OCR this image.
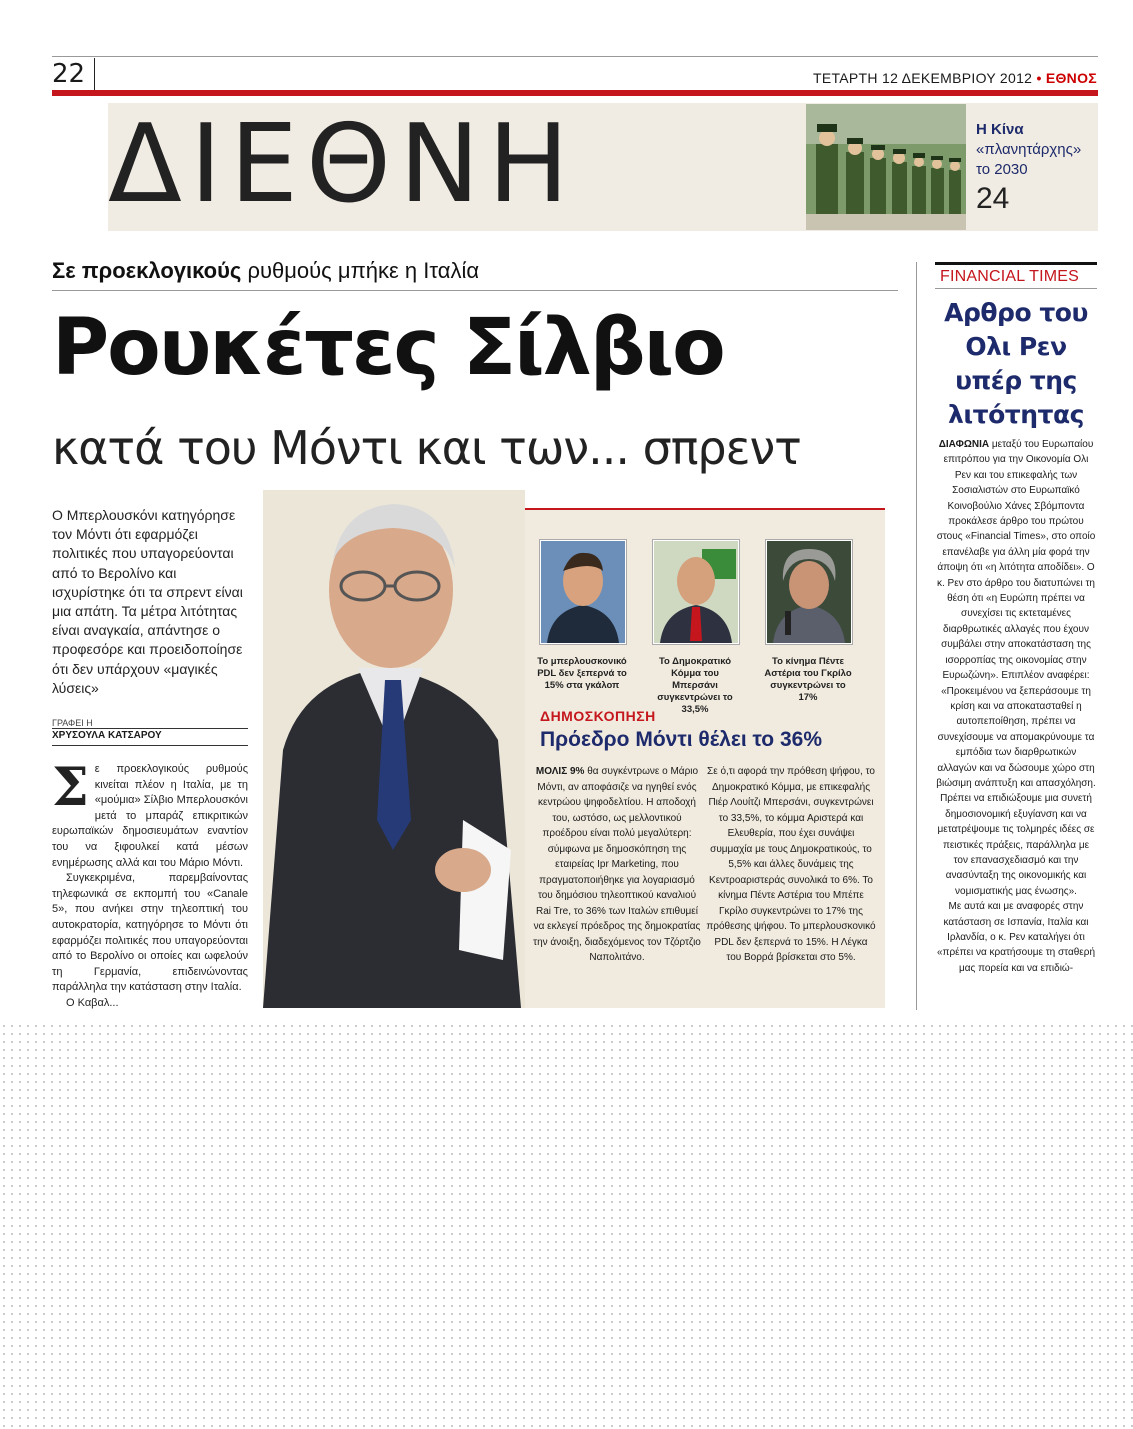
22	ΤΕΤΑΡΤΗ 12 ΔΕΚΕΜΒΡΙΟΥ 2012 • ΕΘΝΟΣ
ΔΙΕΘΝΗ	Η Κίνα
«πλανητάρχης»
το 2030
24
Σε προεκλογικούς ρυθμούς μπήκε η Ιταλία
Ρουκέτες Σίλβιο
κατά του Μόντι και των... σπρεντ
Ο Μπερλουσκόνι κατηγόρησε τον Μόντι ότι εφαρμόζει πολιτικές που υπαγορεύονται από το Βερολίνο και ισχυρίστηκε ότι τα σπρεντ είναι μια απάτη. Τα μέτρα λιτότητας είναι αναγκαία, απάντησε ο προφεσόρε και προειδοποίησε ότι δεν υπάρχουν «μαγικές λύσεις»
ΓΡΑΦΕΙ Η
ΧΡΥΣΟΥΛΑ ΚΑΤΣΑΡΟΥ

Σε προεκλογικούς ρυθμούς κινείται πλέον η Ιταλία, με τη «μούμια» Σίλβιο Μπερλουσκόνι μετά το μπαράζ επικριτικών ευρωπαϊκών δημοσιευμάτων εναντίον του να ξιφουλκεί κατά μέσων ενημέρωσης αλλά και του Μάριο Μόντι.

Συγκεκριμένα, παρεμβαίνοντας τηλεφωνικά σε εκπομπή του «Canale 5», που ανήκει στην τηλεοπτική του αυτοκρατορία, κατηγόρησε το Μόντι ότι εφαρμόζει πολιτικές που υπαγορεύονται από το Βερολίνο οι οποίες και ωφελούν τη Γερμανία, επιδεινώνοντας παράλληλα την κατάσταση στην Ιταλία.

Ο Καβαλ...

Το μπερλουσκονικό PDL δεν ξεπερνά το 15% στα γκάλοπ
Το Δημοκρατικό Κόμμα του Μπερσάνι συγκεντρώνει το 33,5%
Το κίνημα Πέντε Αστέρια του Γκρίλο συγκεντρώνει το 17%
ΔΗΜΟΣΚΟΠΗΣΗ
Πρόεδρο Μόντι θέλει το 36%
ΜΟΛΙΣ 9% θα συγκέντρωνε ο Μάριο Μόντι, αν αποφάσιζε να ηγηθεί ενός κεντρώου ψηφοδελτίου. Η αποδοχή του, ωστόσο, ως μελλοντικού προέδρου είναι πολύ μεγαλύτερη: σύμφωνα με δημοσκόπηση της εταιρείας Ipr Marketing, που πραγματοποιήθηκε για λογαριασμό του δημόσιου τηλεοπτικού καναλιού Rai Tre, το 36% των Ιταλών επιθυμεί να εκλεγεί πρόεδρος της δημοκρατίας την άνοιξη, διαδεχόμενος τον Τζόρτζιο Ναπολιτάνο.
Σε ό,τι αφορά την πρόθεση ψήφου, το Δημοκρατικό Κόμμα, με επικεφαλής Πιέρ Λουίτζι Μπερσάνι, συγκεντρώνει το 33,5%, το κόμμα Αριστερά και Ελευθερία, που έχει συνάψει συμμαχία με τους Δημοκρατικούς, το 5,5% και άλλες δυνάμεις της Κεντροαριστεράς συνολικά το 6%. Το κίνημα Πέντε Αστέρια του Μπέπε Γκρίλο συγκεντρώνει το 17% της πρόθεσης ψήφου. Το μπερλουσκονικό PDL δεν ξεπερνά το 15%. Η Λέγκα του Βορρά βρίσκεται στο 5%.
FINANCIAL TIMES
Αρθρο του Ολι Ρεν υπέρ της λιτότητας
ΔΙΑΦΩΝΙΑ μεταξύ του Ευρωπαίου επιτρόπου για την Οικονομία Ολι Ρεν και του επικεφαλής των Σοσιαλιστών στο Ευρωπαϊκό Κοινοβούλιο Χάνες Σβόμποντα προκάλεσε άρθρο του πρώτου στους «Financial Times», στο οποίο επανέλαβε για άλλη μία φορά την άποψη ότι «η λιτότητα αποδίδει». Ο κ. Ρεν στο άρθρο του διατυπώνει τη θέση ότι «η Ευρώπη πρέπει να συνεχίσει τις εκτεταμένες διαρθρωτικές αλλαγές που έχουν συμβάλει στην αποκατάσταση της ισορροπίας της οικονομίας στην Ευρωζώνη». Επιπλέον αναφέρει: «Προκειμένου να ξεπεράσουμε τη κρίση και να αποκατασταθεί η αυτοπεποίθηση, πρέπει να συνεχίσουμε να απομακρύνουμε τα εμπόδια των διαρθρωτικών αλλαγών και να δώσουμε χώρο στη βιώσιμη ανάπτυξη και απασχόληση. Πρέπει να επιδιώξουμε μια συνετή δημοσιονομική εξυγίανση και να μετατρέψουμε τις τολμηρές ιδέες σε πειστικές πράξεις, παράλληλα με τον επανασχεδιασμό και την ανασύνταξη της οικονομικής και νομισματικής μας ένωσης».
Με αυτά και με αναφορές στην κατάσταση σε Ισπανία, Ιταλία και Ιρλανδία, ο κ. Ρεν καταλήγει ότι «πρέπει να κρατήσουμε τη σταθερή μας πορεία και να επιδιώ-
